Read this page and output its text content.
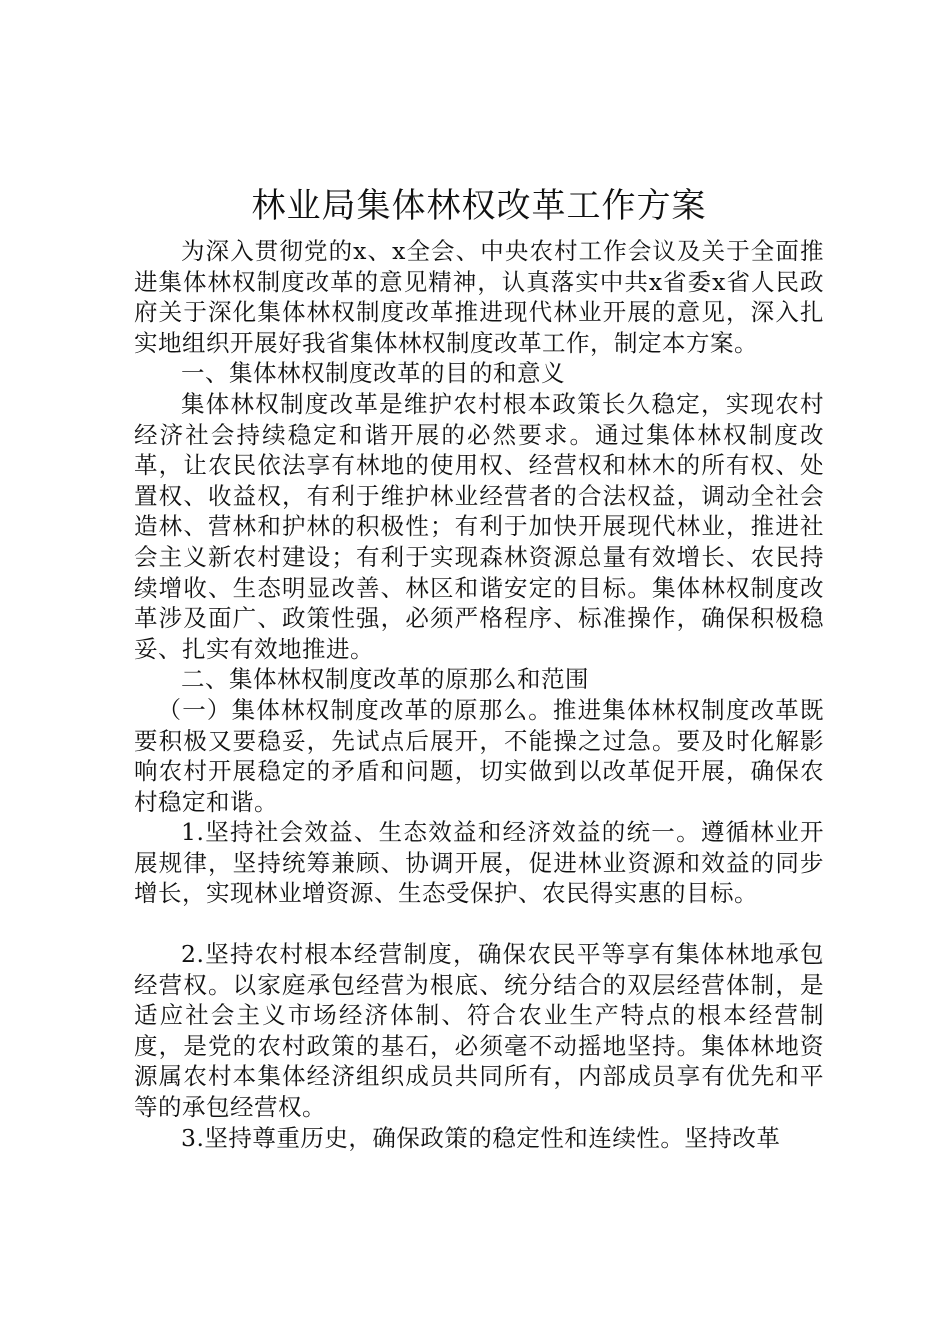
林业局集体林权改革工作方案

为深入贯彻党的x、x全会、中央农村工作会议及关于全面推进集体林权制度改革的意见精神，认真落实中共x省委x省人民政府关于深化集体林权制度改革推进现代林业开展的意见，深入扎实地组织开展好我省集体林权制度改革工作，制定本方案。

一、集体林权制度改革的目的和意义

集体林权制度改革是维护农村根本政策长久稳定，实现农村经济社会持续稳定和谐开展的必然要求。通过集体林权制度改革，让农民依法享有林地的使用权、经营权和林木的所有权、处置权、收益权，有利于维护林业经营者的合法权益，调动全社会造林、营林和护林的积极性；有利于加快开展现代林业，推进社会主义新农村建设；有利于实现森林资源总量有效增长、农民持续增收、生态明显改善、林区和谐安定的目标。集体林权制度改革涉及面广、政策性强，必须严格程序、标准操作，确保积极稳妥、扎实有效地推进。

二、集体林权制度改革的原那么和范围

（一）集体林权制度改革的原那么。推进集体林权制度改革既要积极又要稳妥，先试点后展开，不能操之过急。要及时化解影响农村开展稳定的矛盾和问题，切实做到以改革促开展，确保农村稳定和谐。

1.坚持社会效益、生态效益和经济效益的统一。遵循林业开展规律，坚持统筹兼顾、协调开展，促进林业资源和效益的同步增长，实现林业增资源、生态受保护、农民得实惠的目标。

2.坚持农村根本经营制度，确保农民平等享有集体林地承包经营权。以家庭承包经营为根底、统分结合的双层经营体制，是适应社会主义市场经济体制、符合农业生产特点的根本经营制度，是党的农村政策的基石，必须毫不动摇地坚持。集体林地资源属农村本集体经济组织成员共同所有，内部成员享有优先和平等的承包经营权。

3.坚持尊重历史，确保政策的稳定性和连续性。坚持改革
